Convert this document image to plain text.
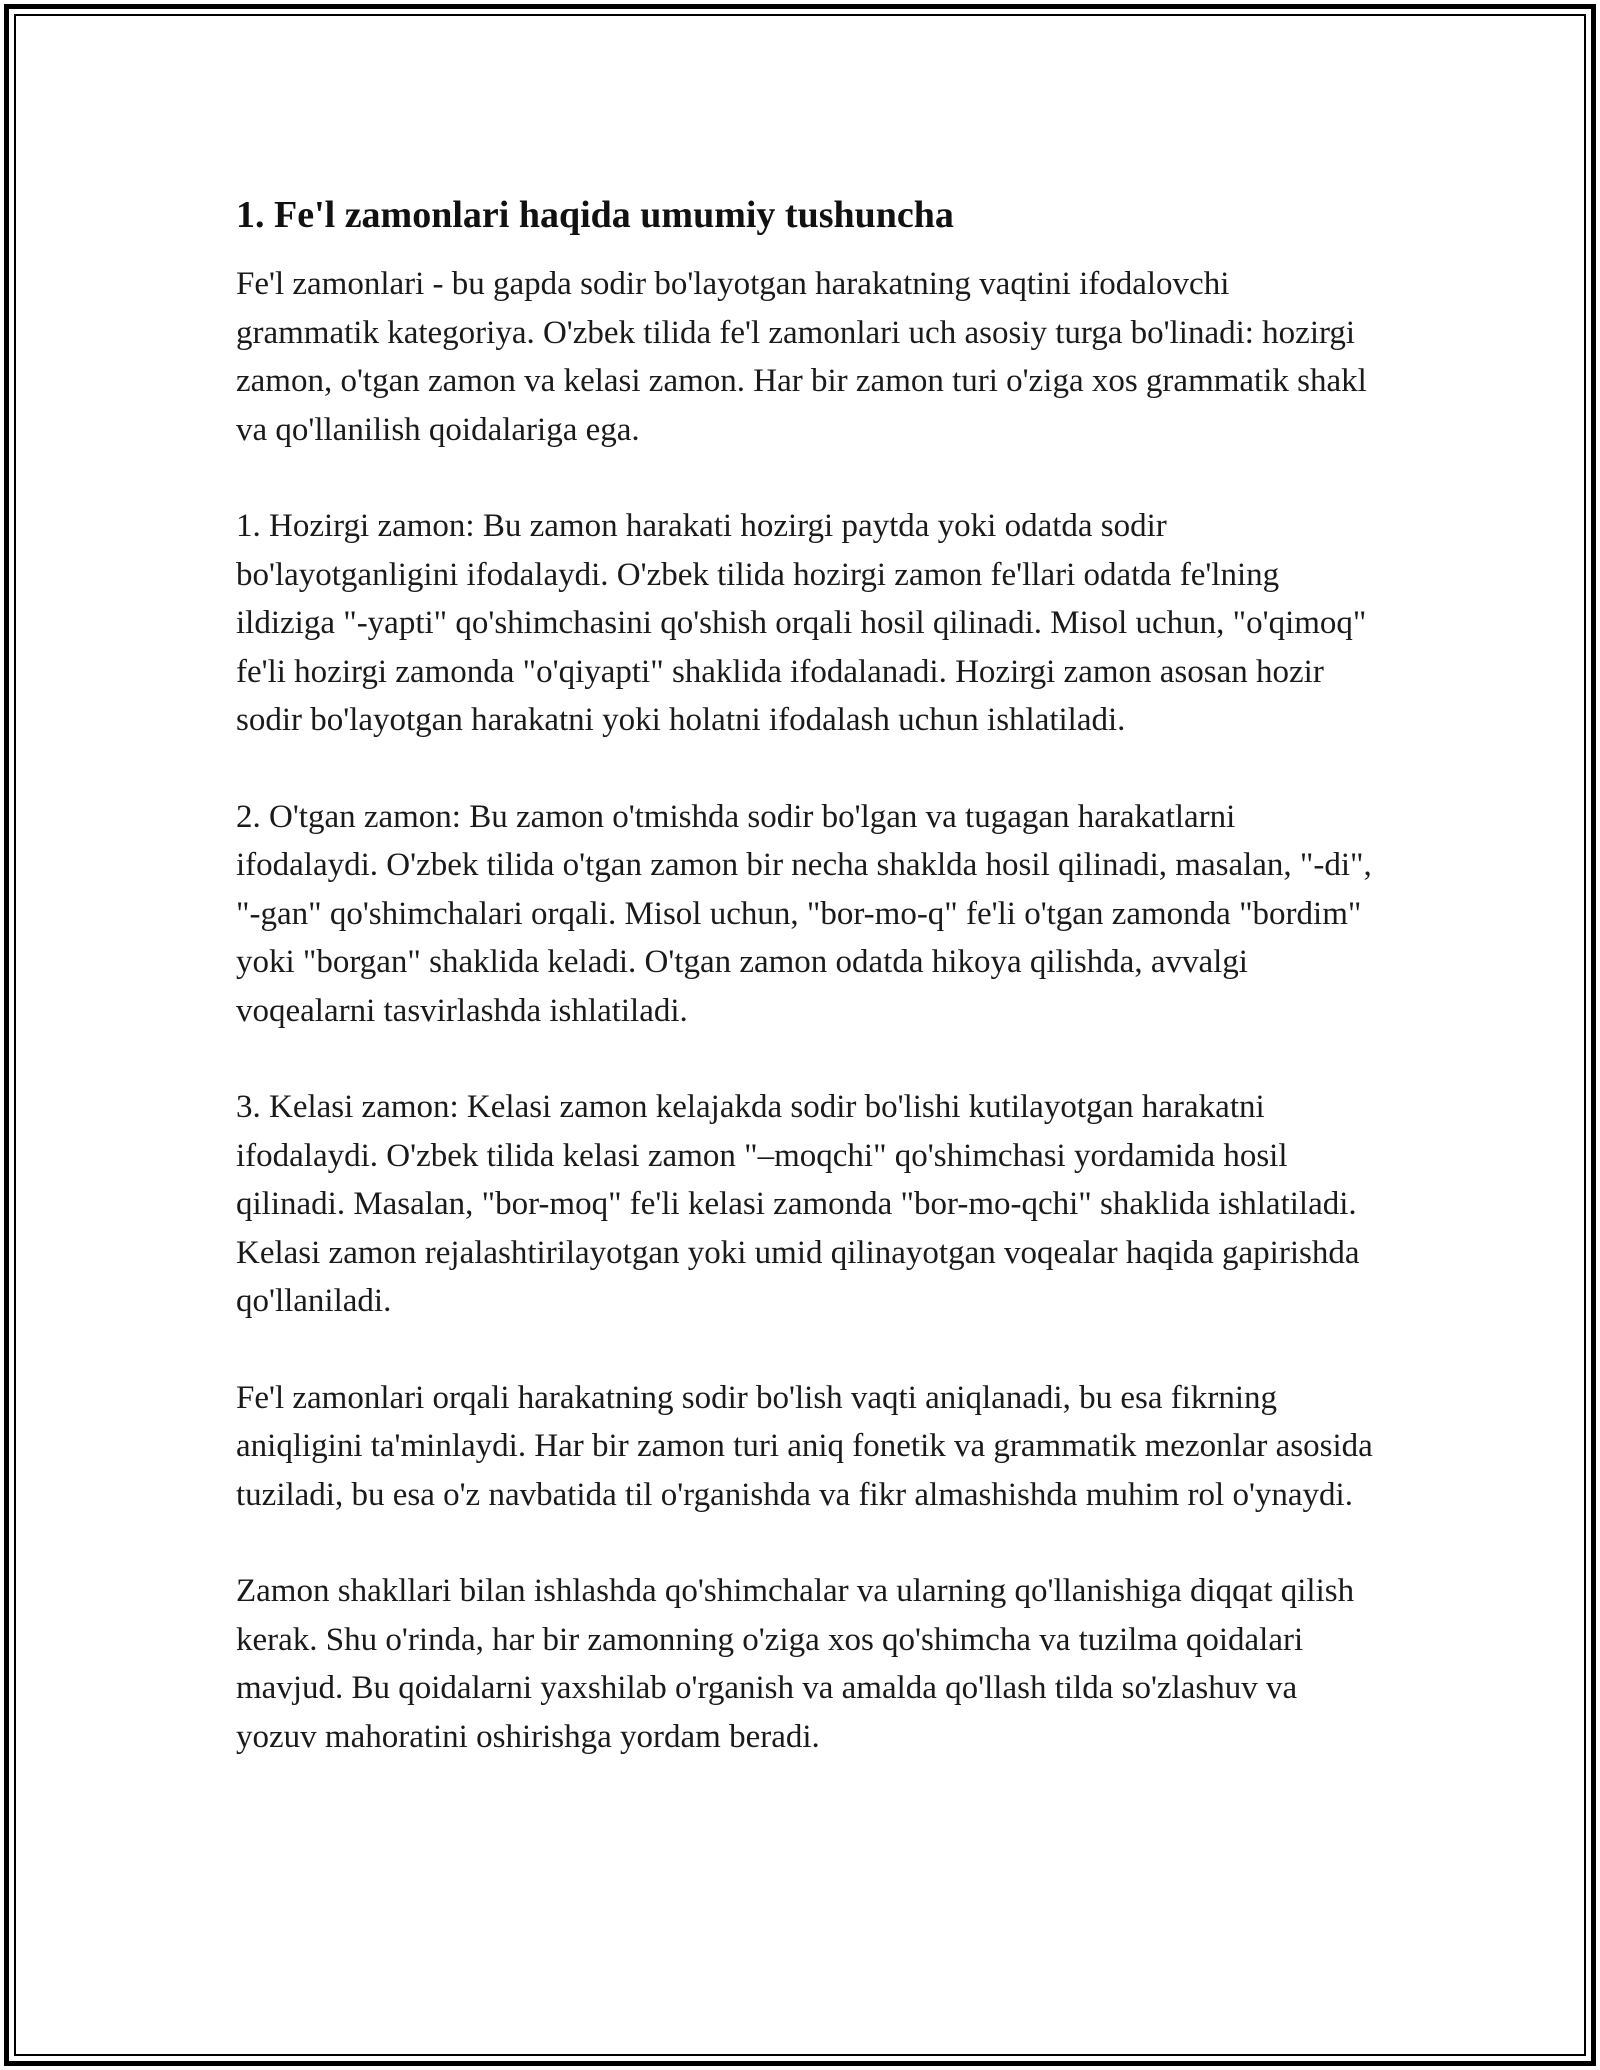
1. Fe'l zamonlari haqida umumiy tushuncha

Fe'l zamonlari - bu gapda sodir bo'layotgan harakatning vaqtini ifodalovchi grammatik kategoriya. O'zbek tilida fe'l zamonlari uch asosiy turga bo'linadi: hozirgi zamon, o'tgan zamon va kelasi zamon. Har bir zamon turi o'ziga xos grammatik shakl va qo'llanilish qoidalariga ega.

1. Hozirgi zamon: Bu zamon harakati hozirgi paytda yoki odatda sodir bo'layotganligini ifodalaydi. O'zbek tilida hozirgi zamon fe'llari odatda fe'lning ildiziga "-yapti" qo'shimchasini qo'shish orqali hosil qilinadi. Misol uchun, "o'qimoq" fe'li hozirgi zamonda "o'qiyapti" shaklida ifodalanadi. Hozirgi zamon asosan hozir sodir bo'layotgan harakatni yoki holatni ifodalash uchun ishlatiladi.

2. O'tgan zamon: Bu zamon o'tmishda sodir bo'lgan va tugagan harakatlarni ifodalaydi. O'zbek tilida o'tgan zamon bir necha shaklda hosil qilinadi, masalan, "-di", "-gan" qo'shimchalari orqali. Misol uchun, "bor-mo-q" fe'li o'tgan zamonda "bordim" yoki "borgan" shaklida keladi. O'tgan zamon odatda hikoya qilishda, avvalgi voqealarni tasvirlashda ishlatiladi.

3. Kelasi zamon: Kelasi zamon kelajakda sodir bo'lishi kutilayotgan harakatni ifodalaydi. O'zbek tilida kelasi zamon "–moqchi" qo'shimchasi yordamida hosil qilinadi. Masalan, "bor-moq" fe'li kelasi zamonda "bor-mo-qchi" shaklida ishlatiladi. Kelasi zamon rejalashtirilayotgan yoki umid qilinayotgan voqealar haqida gapirishda qo'llaniladi.

Fe'l zamonlari orqali harakatning sodir bo'lish vaqti aniqlanadi, bu esa fikrning aniqligini ta'minlaydi. Har bir zamon turi aniq fonetik va grammatik mezonlar asosida tuziladi, bu esa o'z navbatida til o'rganishda va fikr almashishda muhim rol o'ynaydi.

Zamon shakllari bilan ishlashda qo'shimchalar va ularning qo'llanishiga diqqat qilish kerak. Shu o'rinda, har bir zamonning o'ziga xos qo'shimcha va tuzilma qoidalari mavjud. Bu qoidalarni yaxshilab o'rganish va amalda qo'llash tilda so'zlashuv va yozuv mahoratini oshirishga yordam beradi.
